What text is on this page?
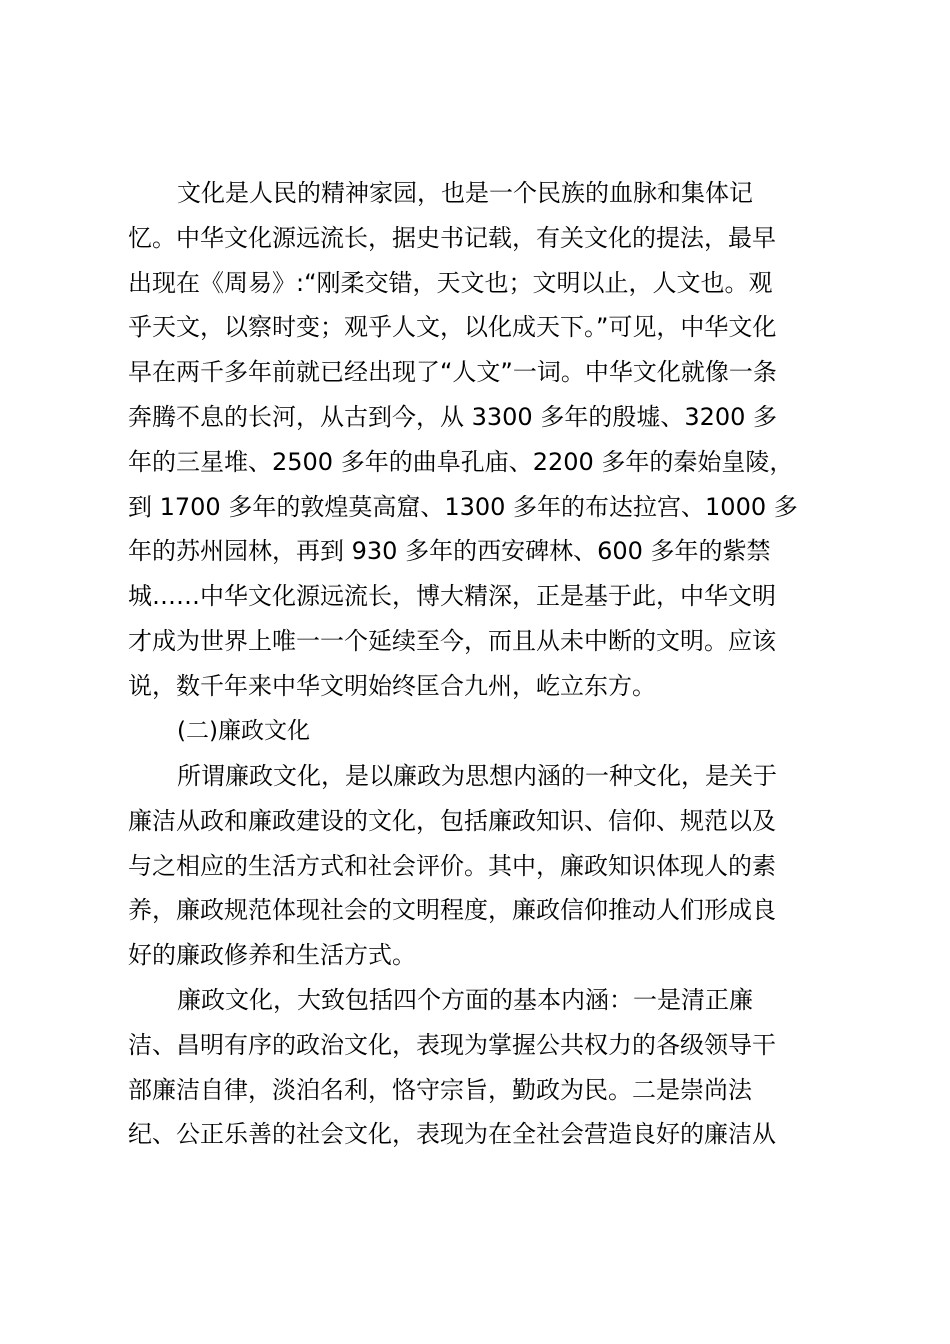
文化是人民的精神家园，也是一个民族的血脉和集体记
忆。中华文化源远流长，据史书记载，有关文化的提法，最早
出现在《周易》:“刚柔交错，天文也；文明以止，人文也。观
乎天文，以察时变；观乎人文，以化成天下。”可见，中华文化
早在两千多年前就已经出现了“人文”一词。中华文化就像一条
奔腾不息的长河，从古到今，从 3300 多年的殷墟、3200 多
年的三星堆、2500 多年的曲阜孔庙、2200 多年的秦始皇陵，
到 1700 多年的敦煌莫高窟、1300 多年的布达拉宫、1000 多
年的苏州园林，再到 930 多年的西安碑林、600 多年的紫禁
城……中华文化源远流长，博大精深，正是基于此，中华文明
才成为世界上唯一一个延续至今，而且从未中断的文明。应该
说，数千年来中华文明始终匡合九州，屹立东方。
(二)廉政文化
所谓廉政文化，是以廉政为思想内涵的一种文化，是关于
廉洁从政和廉政建设的文化，包括廉政知识、信仰、规范以及
与之相应的生活方式和社会评价。其中，廉政知识体现人的素
养，廉政规范体现社会的文明程度，廉政信仰推动人们形成良
好的廉政修养和生活方式。
廉政文化，大致包括四个方面的基本内涵：一是清正廉
洁、昌明有序的政治文化，表现为掌握公共权力的各级领导干
部廉洁自律，淡泊名利，恪守宗旨，勤政为民。二是崇尚法
纪、公正乐善的社会文化，表现为在全社会营造良好的廉洁从
